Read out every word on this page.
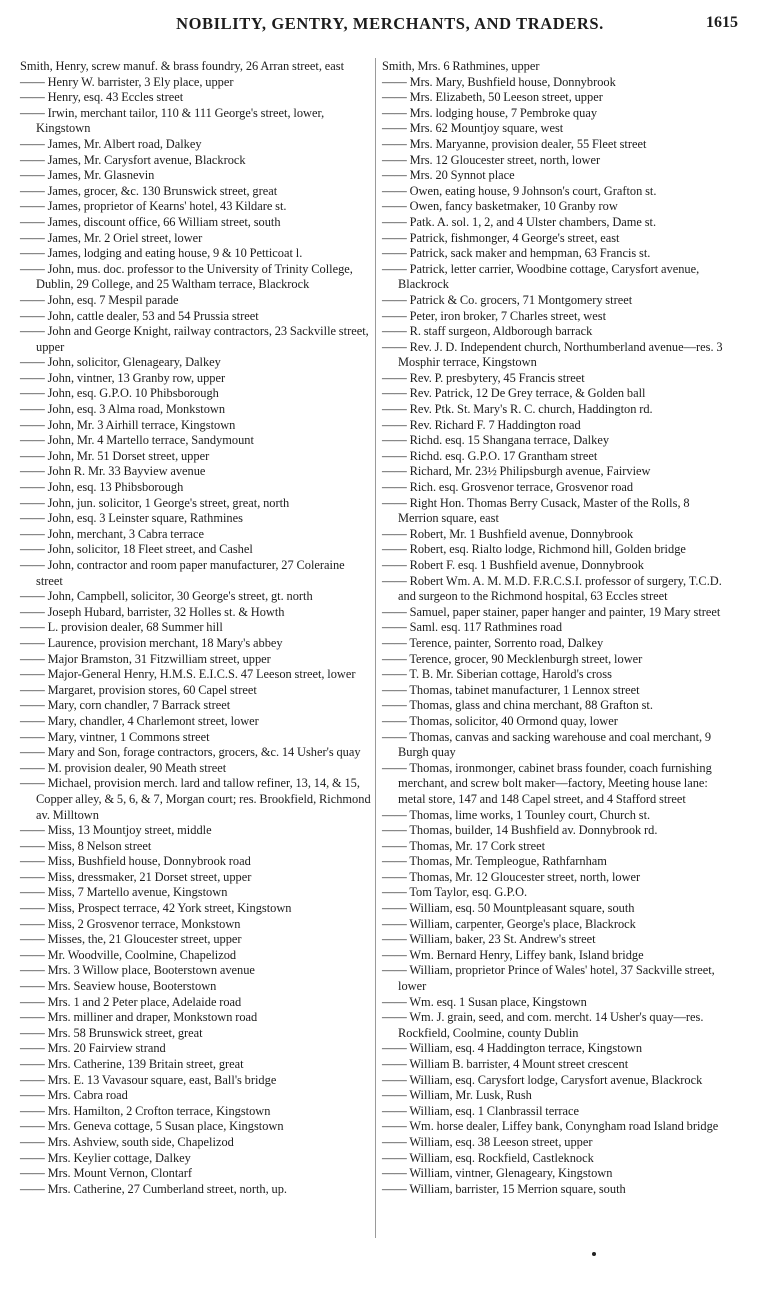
NOBILITY, GENTRY, MERCHANTS, AND TRADERS.	1615
Smith, Henry, screw manuf. & brass foundry, 26 Arran street, east
—— Henry W. barrister, 3 Ely place, upper
—— Henry, esq. 43 Eccles street
—— Irwin, merchant tailor, 110 & 111 George's street, lower, Kingstown
—— James, Mr. Albert road, Dalkey
—— James, Mr. Carysfort avenue, Blackrock
—— James, Mr. Glasnevin
—— James, grocer, &c. 130 Brunswick street, great
—— James, proprietor of Kearns' hotel, 43 Kildare st.
—— James, discount office, 66 William street, south
—— James, Mr. 2 Oriel street, lower
—— James, lodging and eating house, 9 & 10 Petticoat l.
—— John, mus. doc. professor to the University of Trinity College, Dublin, 29 College, and 25 Waltham terrace, Blackrock
—— John, esq. 7 Mespil parade
—— John, cattle dealer, 53 and 54 Prussia street
—— John and George Knight, railway contractors, 23 Sackville street, upper
—— John, solicitor, Glenageary, Dalkey
—— John, vintner, 13 Granby row, upper
—— John, esq. G.P.O. 10 Phibsborough
—— John, esq. 3 Alma road, Monkstown
—— John, Mr. 3 Airhill terrace, Kingstown
—— John, Mr. 4 Martello terrace, Sandymount
—— John, Mr. 51 Dorset street, upper
—— John R. Mr. 33 Bayview avenue
—— John, esq. 13 Phibsborough
—— John, jun. solicitor, 1 George's street, great, north
—— John, esq. 3 Leinster square, Rathmines
—— John, merchant, 3 Cabra terrace
—— John, solicitor, 18 Fleet street, and Cashel
—— John, contractor and room paper manufacturer, 27 Coleraine street
—— John, Campbell, solicitor, 30 George's street, gt. north
—— Joseph Hubard, barrister, 32 Holles st. & Howth
—— L. provision dealer, 68 Summer hill
—— Laurence, provision merchant, 18 Mary's abbey
—— Major Bramston, 31 Fitzwilliam street, upper
—— Major-General Henry, H.M.S. E.I.C.S. 47 Leeson street, lower
—— Margaret, provision stores, 60 Capel street
—— Mary, corn chandler, 7 Barrack street
—— Mary, chandler, 4 Charlemont street, lower
—— Mary, vintner, 1 Commons street
—— Mary and Son, forage contractors, grocers, &c. 14 Usher's quay
—— M. provision dealer, 90 Meath street
—— Michael, provision merch. lard and tallow refiner, 13, 14, & 15, Copper alley, & 5, 6, & 7, Morgan court; res. Brookfield, Richmond av. Milltown
—— Miss, 13 Mountjoy street, middle
—— Miss, 8 Nelson street
—— Miss, Bushfield house, Donnybrook road
—— Miss, dressmaker, 21 Dorset street, upper
—— Miss, 7 Martello avenue, Kingstown
—— Miss, Prospect terrace, 42 York street, Kingstown
—— Miss, 2 Grosvenor terrace, Monkstown
—— Misses, the, 21 Gloucester street, upper
—— Mr. Woodville, Coolmine, Chapelizod
—— Mrs. 3 Willow place, Booterstown avenue
—— Mrs. Seaview house, Booterstown
—— Mrs. 1 and 2 Peter place, Adelaide road
—— Mrs. milliner and draper, Monkstown road
—— Mrs. 58 Brunswick street, great
—— Mrs. 20 Fairview strand
—— Mrs. Catherine, 139 Britain street, great
—— Mrs. E. 13 Vavasour square, east, Ball's bridge
—— Mrs. Cabra road
—— Mrs. Hamilton, 2 Crofton terrace, Kingstown
—— Mrs. Geneva cottage, 5 Susan place, Kingstown
—— Mrs. Ashview, south side, Chapelizod
—— Mrs. Keylier cottage, Dalkey
—— Mrs. Mount Vernon, Clontarf
—— Mrs. Catherine, 27 Cumberland street, north, up.
Smith, Mrs. 6 Rathmines, upper
—— Mrs. Mary, Bushfield house, Donnybrook
—— Mrs. Elizabeth, 50 Leeson street, upper
—— Mrs. lodging house, 7 Pembroke quay
—— Mrs. 62 Mountjoy square, west
—— Mrs. Maryanne, provision dealer, 55 Fleet street
—— Mrs. 12 Gloucester street, north, lower
—— Mrs. 20 Synnot place
—— Owen, eating house, 9 Johnson's court, Grafton st.
—— Owen, fancy basketmaker, 10 Granby row
—— Patk. A. sol. 1, 2, and 4 Ulster chambers, Dame st.
—— Patrick, fishmonger, 4 George's street, east
—— Patrick, sack maker and hempman, 63 Francis st.
—— Patrick, letter carrier, Woodbine cottage, Carysfort avenue, Blackrock
—— Patrick & Co. grocers, 71 Montgomery street
—— Peter, iron broker, 7 Charles street, west
—— R. staff surgeon, Aldborough barrack
—— Rev. J. D. Independent church, Northumberland avenue—res. 3 Mosphir terrace, Kingstown
—— Rev. P. presbytery, 45 Francis street
—— Rev. Patrick, 12 De Grey terrace, & Golden ball
—— Rev. Ptk. St. Mary's R. C. church, Haddington rd.
—— Rev. Richard F. 7 Haddington road
—— Richd. esq. 15 Shangana terrace, Dalkey
—— Richd. esq. G.P.O. 17 Grantham street
—— Richard, Mr. 23½ Philipsburgh avenue, Fairview
—— Rich. esq. Grosvenor terrace, Grosvenor road
—— Right Hon. Thomas Berry Cusack, Master of the Rolls, 8 Merrion square, east
—— Robert, Mr. 1 Bushfield avenue, Donnybrook
—— Robert, esq. Rialto lodge, Richmond hill, Golden bridge
—— Robert F. esq. 1 Bushfield avenue, Donnybrook
—— Robert Wm. A. M. M.D. F.R.C.S.I. professor of surgery, T.C.D. and surgeon to the Richmond hospital, 63 Eccles street
—— Samuel, paper stainer, paper hanger and painter, 19 Mary street
—— Saml. esq. 117 Rathmines road
—— Terence, painter, Sorrento road, Dalkey
—— Terence, grocer, 90 Mecklenburgh street, lower
—— T. B. Mr. Siberian cottage, Harold's cross
—— Thomas, tabinet manufacturer, 1 Lennox street
—— Thomas, glass and china merchant, 88 Grafton st.
—— Thomas, solicitor, 40 Ormond quay, lower
—— Thomas, canvas and sacking warehouse and coal merchant, 9 Burgh quay
—— Thomas, ironmonger, cabinet brass founder, coach furnishing merchant, and screw bolt maker—factory, Meeting house lane: metal store, 147 and 148 Capel street, and 4 Stafford street
—— Thomas, lime works, 1 Tounley court, Church st.
—— Thomas, builder, 14 Bushfield av. Donnybrook rd.
—— Thomas, Mr. 17 Cork street
—— Thomas, Mr. Templeogue, Rathfarnham
—— Thomas, Mr. 12 Gloucester street, north, lower
—— Tom Taylor, esq. G.P.O.
—— William, esq. 50 Mountpleasant square, south
—— William, carpenter, George's place, Blackrock
—— William, baker, 23 St. Andrew's street
—— Wm. Bernard Henry, Liffey bank, Island bridge
—— William, proprietor Prince of Wales' hotel, 37 Sackville street, lower
—— Wm. esq. 1 Susan place, Kingstown
—— Wm. J. grain, seed, and com. mercht. 14 Usher's quay—res. Rockfield, Coolmine, county Dublin
—— William, esq. 4 Haddington terrace, Kingstown
—— William B. barrister, 4 Mount street crescent
—— William, esq. Carysfort lodge, Carysfort avenue, Blackrock
—— William, Mr. Lusk, Rush
—— William, esq. 1 Clanbrassil terrace
—— Wm. horse dealer, Liffey bank, Conyngham road Island bridge
—— William, esq. 38 Leeson street, upper
—— William, esq. Rockfield, Castleknock
—— William, vintner, Glenageary, Kingstown
—— William, barrister, 15 Merrion square, south
